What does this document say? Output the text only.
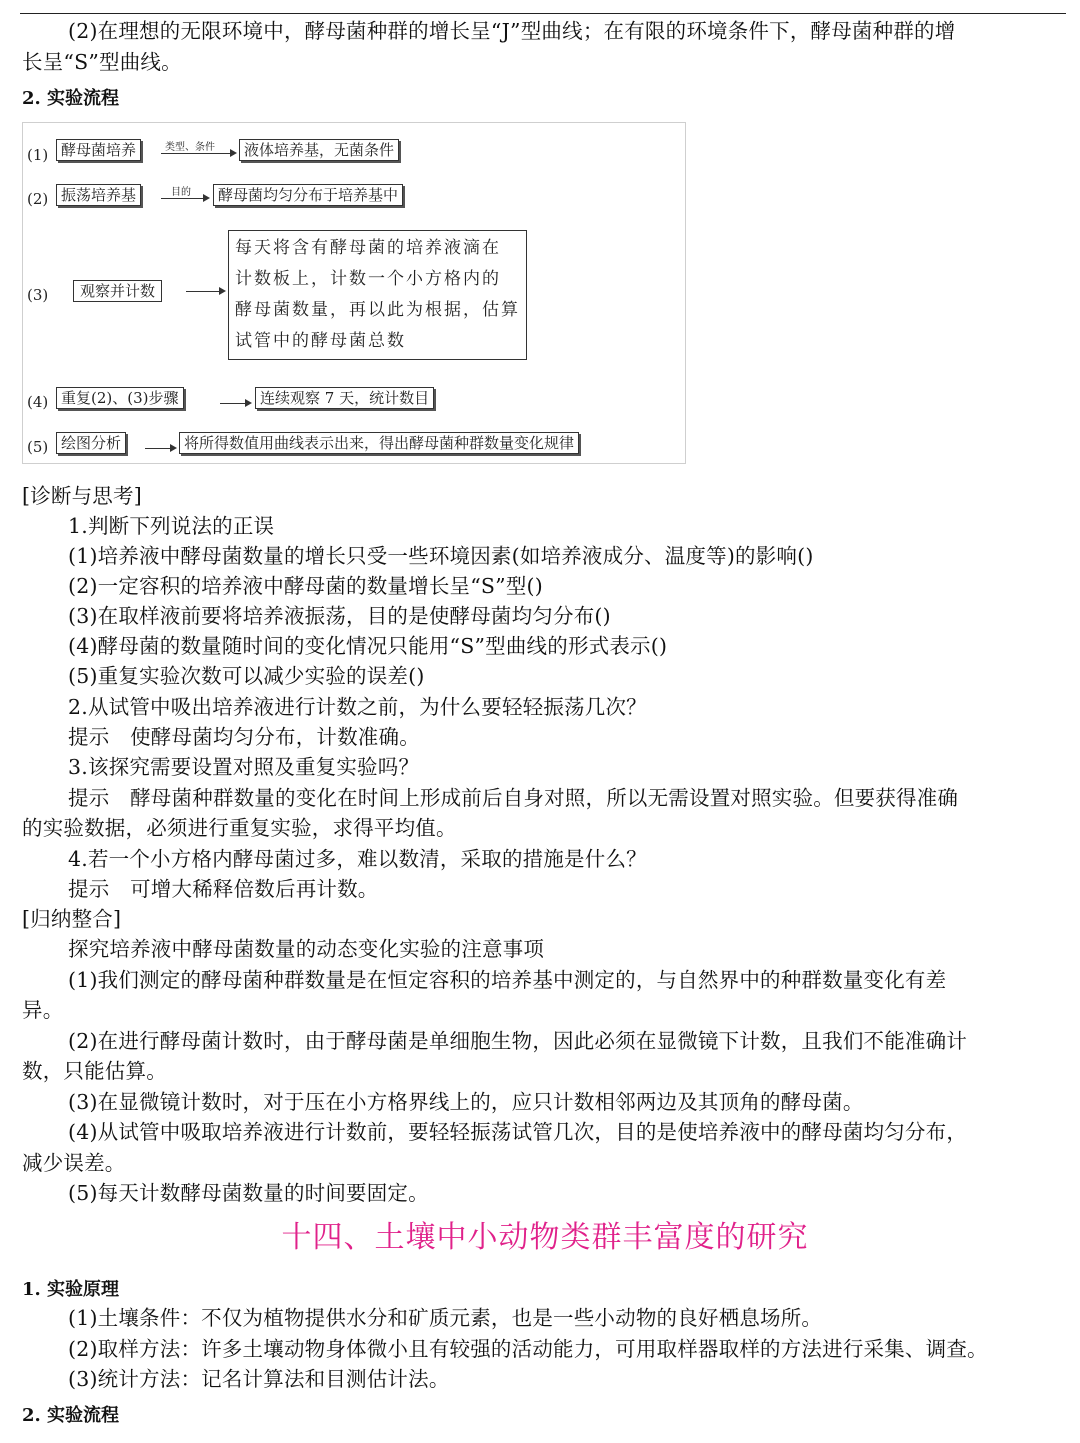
(2)在理想的无限环境中，酵母菌种群的增长呈“J”型曲线；在有限的环境条件下，酵母菌种群的增
长呈“S”型曲线。
2. 实验流程
(1) 酵母菌培养	类型、条件	液体培养基，无菌条件
(2) 振荡培养基	目的	酵母菌均匀分布于培养基中
(3)	观察并计数
每天将含有酵母菌的培养液滴在
计数板上，计数一个小方格内的
酵母菌数量，再以此为根据，估算
试管中的酵母菌总数
(4) 重复(2)、(3)步骤	连续观察 7 天，统计数目
(5) 绘图分析	将所得数值用曲线表示出来，得出酵母菌种群数量变化规律
[诊断与思考]
1.判断下列说法的正误
(1)培养液中酵母菌数量的增长只受一些环境因素(如培养液成分、温度等)的影响()
(2)一定容积的培养液中酵母菌的数量增长呈“S”型()
(3)在取样液前要将培养液振荡，目的是使酵母菌均匀分布()
(4)酵母菌的数量随时间的变化情况只能用“S”型曲线的形式表示()
(5)重复实验次数可以减少实验的误差()
2.从试管中吸出培养液进行计数之前，为什么要轻轻振荡几次？
提示　使酵母菌均匀分布，计数准确。
3.该探究需要设置对照及重复实验吗？
提示　酵母菌种群数量的变化在时间上形成前后自身对照，所以无需设置对照实验。但要获得准确
的实验数据，必须进行重复实验，求得平均值。
4.若一个小方格内酵母菌过多，难以数清，采取的措施是什么？
提示　可增大稀释倍数后再计数。
[归纳整合]
探究培养液中酵母菌数量的动态变化实验的注意事项
(1)我们测定的酵母菌种群数量是在恒定容积的培养基中测定的，与自然界中的种群数量变化有差
异。
(2)在进行酵母菌计数时，由于酵母菌是单细胞生物，因此必须在显微镜下计数，且我们不能准确计
数，只能估算。
(3)在显微镜计数时，对于压在小方格界线上的，应只计数相邻两边及其顶角的酵母菌。
(4)从试管中吸取培养液进行计数前，要轻轻振荡试管几次，目的是使培养液中的酵母菌均匀分布，
减少误差。
(5)每天计数酵母菌数量的时间要固定。
十四、土壤中小动物类群丰富度的研究
1. 实验原理
(1)土壤条件：不仅为植物提供水分和矿质元素，也是一些小动物的良好栖息场所。
(2)取样方法：许多土壤动物身体微小且有较强的活动能力，可用取样器取样的方法进行采集、调查。
(3)统计方法：记名计算法和目测估计法。
2. 实验流程
